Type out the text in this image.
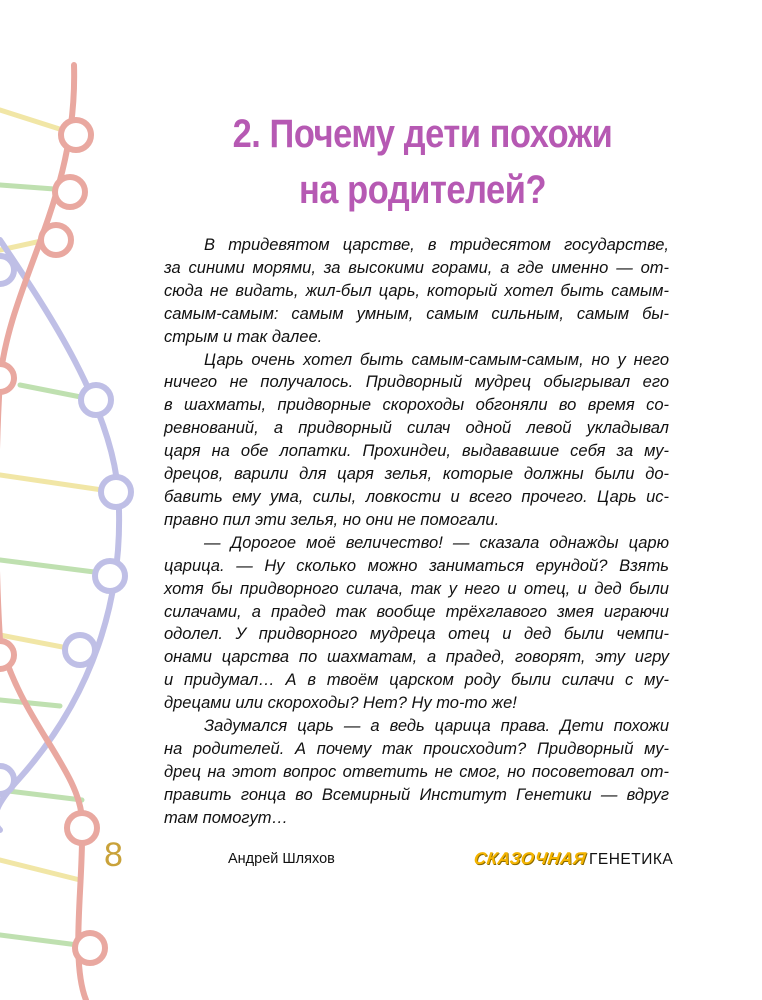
2. Почему дети похожи
на родителей?
В тридевятом царстве, в тридесятом государстве,
за синими морями, за высокими горами, а где именно — от-
сюда не видать, жил-был царь, который хотел быть самым-
самым-самым: самым умным, самым сильным, самым бы-
стрым и так далее.
Царь очень хотел быть самым-самым-самым, но у него
ничего не получалось. Придворный мудрец обыгрывал его
в шахматы, придворные скороходы обгоняли во время со-
ревнований, а придворный силач одной левой укладывал
царя на обе лопатки. Прохиндеи, выдававшие себя за му-
дрецов, варили для царя зелья, которые должны были до-
бавить ему ума, силы, ловкости и всего прочего. Царь ис-
правно пил эти зелья, но они не помогали.
— Дорогое моё величество! — сказала однажды царю
царица. — Ну сколько можно заниматься ерундой? Взять
хотя бы придворного силача, так у него и отец, и дед были
силачами, а прадед так вообще трёхглавого змея играючи
одолел. У придворного мудреца отец и дед были чемпи-
онами царства по шахматам, а прадед, говорят, эту игру
и придумал… А в твоём царском роду были силачи с му-
дрецами или скороходы? Нет? Ну то-то же!
Задумался царь — а ведь царица права. Дети похожи
на родителей. А почему так происходит? Придворный му-
дрец на этот вопрос ответить не смог, но посоветовал от-
править гонца во Всемирный Институт Генетики — вдруг
там помогут…
8	Андрей Шляхов	СКАЗОЧНАЯ ГЕНЕТИКА
